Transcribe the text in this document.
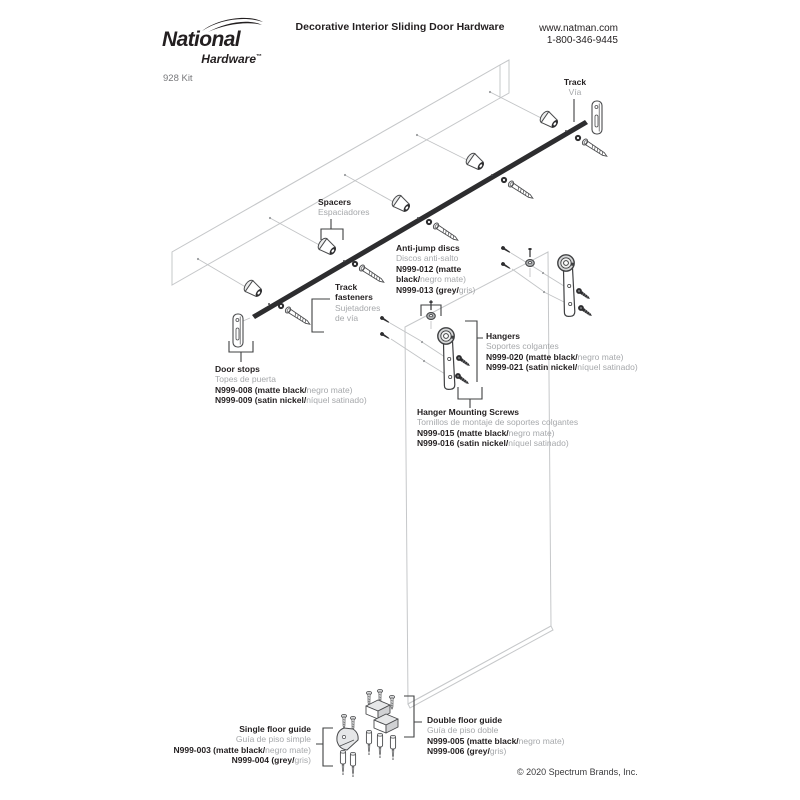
National
Hardware™
928 Kit
Decorative Interior Sliding Door Hardware	www.natman.com
1-800-346-9445
Track
Vía
Spacers
Espaciadores
Anti-jump discs
Discos anti-salto
N999-012 (matte
black/negro mate)
N999-013 (grey/gris)
Track
fasteners
Sujetadores
de vía
Door stops
Topes de puerta
N999-008 (matte black/negro mate)
N999-009 (satin nickel/níquel satinado)
Hangers
Soportes colgantes
N999-020 (matte black/negro mate)
N999-021 (satin nickel/níquel satinado)
Hanger Mounting Screws
Tornillos de montaje de soportes colgantes
N999-015 (matte black/negro mate)
N999-016 (satin nickel/níquel satinado)
Single floor guide
Guía de piso simple
N999-003 (matte black/negro mate)
N999-004 (grey/gris)
Double floor guide
Guía de piso doble
N999-005 (matte black/negro mate)
N999-006 (grey/gris)
© 2020 Spectrum Brands, Inc.
